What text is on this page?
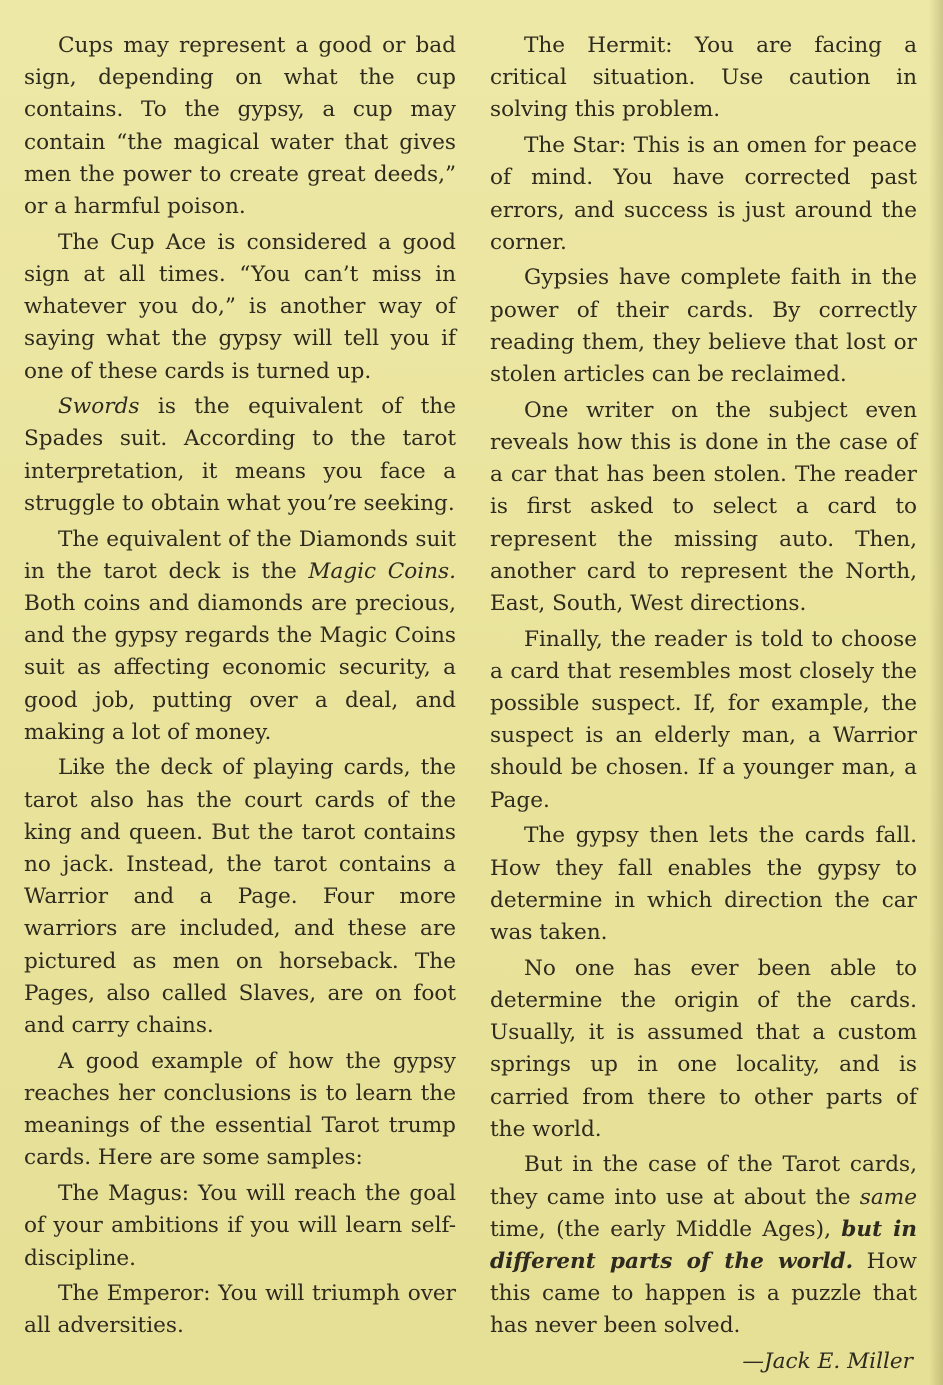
Cups may represent a good or bad sign, depending on what the cup contains. To the gypsy, a cup may contain “the magical water that gives men the power to create great deeds,” or a harmful poison.

The Cup Ace is considered a good sign at all times. “You can’t miss in whatever you do,” is another way of saying what the gypsy will tell you if one of these cards is turned up.

Swords is the equivalent of the Spades suit. According to the tarot interpretation, it means you face a struggle to obtain what you’re seeking.

The equivalent of the Diamonds suit in the tarot deck is the Magic Coins. Both coins and diamonds are precious, and the gypsy regards the Magic Coins suit as affecting economic security, a good job, putting over a deal, and making a lot of money.

Like the deck of playing cards, the tarot also has the court cards of the king and queen. But the tarot contains no jack. Instead, the tarot contains a Warrior and a Page. Four more warriors are included, and these are pictured as men on horseback. The Pages, also called Slaves, are on foot and carry chains.

A good example of how the gypsy reaches her conclusions is to learn the meanings of the essential Tarot trump cards. Here are some samples:

The Magus: You will reach the goal of your ambitions if you will learn self-discipline.

The Emperor: You will triumph over all adversities.

The Hermit: You are facing a critical situation. Use caution in solving this problem.

The Star: This is an omen for peace of mind. You have corrected past errors, and success is just around the corner.

Gypsies have complete faith in the power of their cards. By correctly reading them, they believe that lost or stolen articles can be reclaimed.

One writer on the subject even reveals how this is done in the case of a car that has been stolen. The reader is first asked to select a card to represent the missing auto. Then, another card to represent the North, East, South, West directions.

Finally, the reader is told to choose a card that resembles most closely the possible suspect. If, for example, the suspect is an elderly man, a Warrior should be chosen. If a younger man, a Page.

The gypsy then lets the cards fall. How they fall enables the gypsy to determine in which direction the car was taken.

No one has ever been able to determine the origin of the cards. Usually, it is assumed that a custom springs up in one locality, and is carried from there to other parts of the world.

But in the case of the Tarot cards, they came into use at about the same time, (the early Middle Ages), but in different parts of the world. How this came to happen is a puzzle that has never been solved.

—Jack E. Miller
